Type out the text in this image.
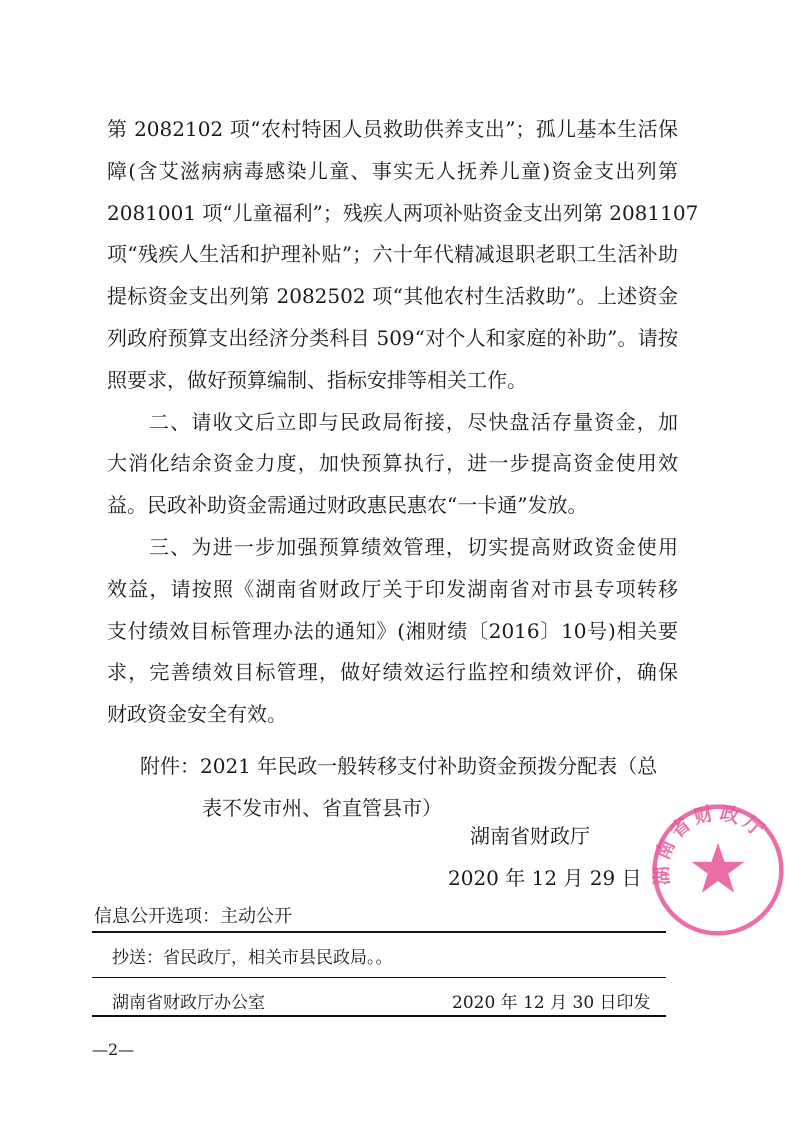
第 2082102 项“农村特困人员救助供养支出”；孤儿基本生活保
障(含艾滋病病毒感染儿童、事实无人抚养儿童)资金支出列第
2081001 项“儿童福利”；残疾人两项补贴资金支出列第 2081107
项“残疾人生活和护理补贴”；六十年代精减退职老职工生活补助
提标资金支出列第 2082502 项“其他农村生活救助”。上述资金
列政府预算支出经济分类科目 509“对个人和家庭的补助”。请按
照要求，做好预算编制、指标安排等相关工作。
二、请收文后立即与民政局衔接，尽快盘活存量资金，加
大消化结余资金力度，加快预算执行，进一步提高资金使用效
益。民政补助资金需通过财政惠民惠农“一卡通”发放。
三、为进一步加强预算绩效管理，切实提高财政资金使用
效益，请按照《湖南省财政厅关于印发湖南省对市县专项转移
支付绩效目标管理办法的通知》(湘财绩〔2016〕10号)相关要
求，完善绩效目标管理，做好绩效运行监控和绩效评价，确保
财政资金安全有效。
附件：2021 年民政一般转移支付补助资金预拨分配表（总
表不发市州、省直管县市）
湖南省财政厅
2020 年 12 月 29 日 湖南省财政厅
信息公开选项：主动公开
抄送：省民政厅，相关市县民政局。。
湖南省财政厅办公室	2020 年 12 月 30 日印发
—2—
